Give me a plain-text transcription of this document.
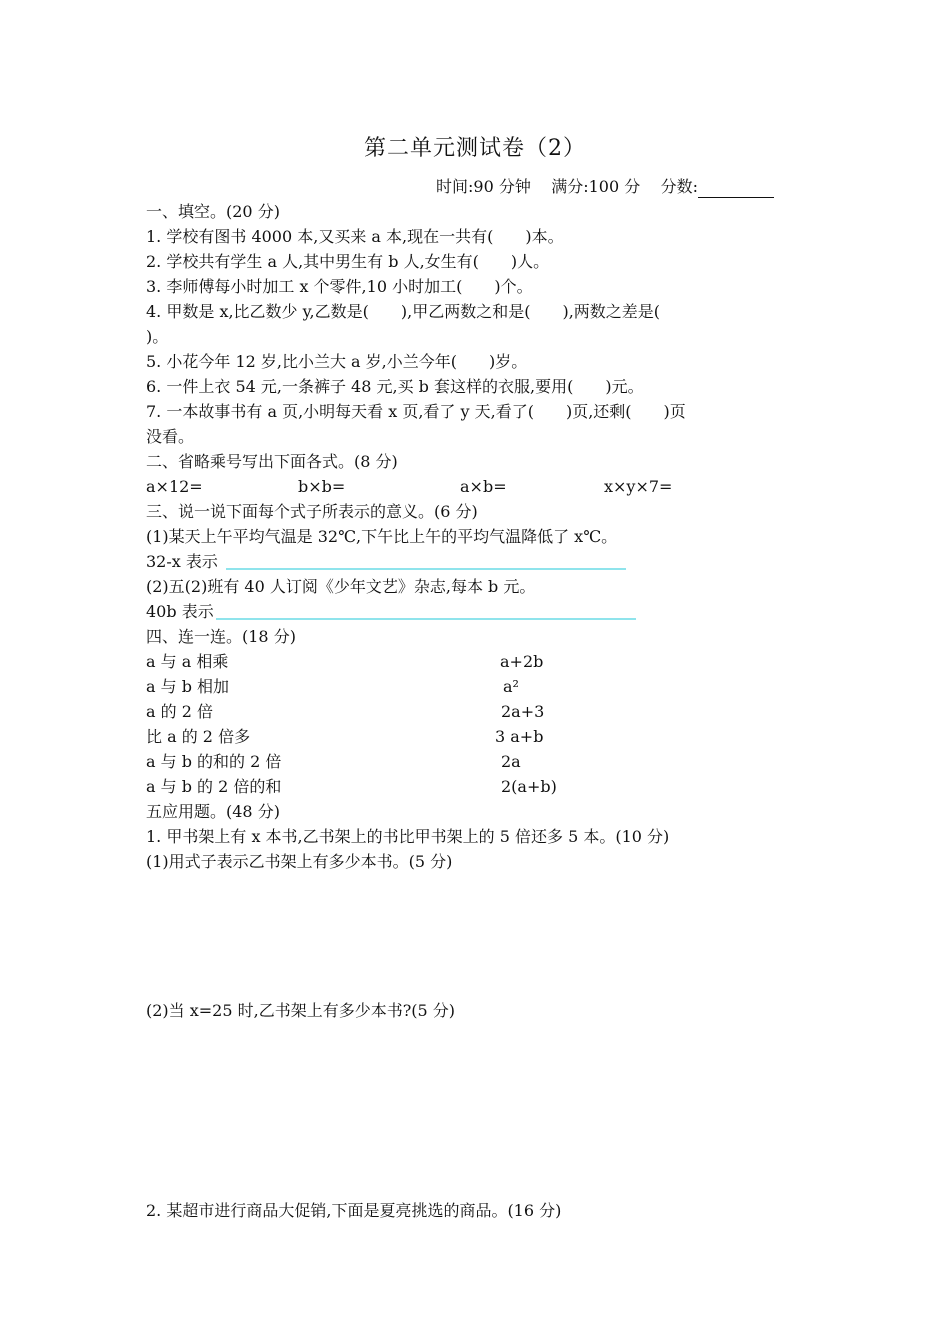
第二单元测试卷（2）
时间:90 分钟 满分:100 分 分数:
一、填空。(20 分)
1. 学校有图书 4000 本,又买来 a 本,现在一共有(　　)本。
2. 学校共有学生 a 人,其中男生有 b 人,女生有(　　)人。
3. 李师傅每小时加工 x 个零件,10 小时加工(　　)个。
4. 甲数是 x,比乙数少 y,乙数是(　　),甲乙两数之和是(　　),两数之差是(
)。
5. 小花今年 12 岁,比小兰大 a 岁,小兰今年(　　)岁。
6. 一件上衣 54 元,一条裤子 48 元,买 b 套这样的衣服,要用(　　)元。
7. 一本故事书有 a 页,小明每天看 x 页,看了 y 天,看了(　　)页,还剩(　　)页
没看。
二、省略乘号写出下面各式。(8 分)
a×12=	b×b=	a×b=	x×y×7=
三、说一说下面每个式子所表示的意义。(6 分)
(1)某天上午平均气温是 32℃,下午比上午的平均气温降低了 x℃。
32-x 表示
(2)五(2)班有 40 人订阅《少年文艺》杂志,每本 b 元。
40b 表示
四、连一连。(18 分)
a 与 a 相乘
a 与 b 相加
a 的 2 倍
比 a 的 2 倍多
a 与 b 的和的 2 倍
a 与 b 的 2 倍的和
a+2b
a²
2a+3
3 a+b
2a
2(a+b)
五应用题。(48 分)
1. 甲书架上有 x 本书,乙书架上的书比甲书架上的 5 倍还多 5 本。(10 分)
(1)用式子表示乙书架上有多少本书。(5 分)
(2)当 x=25 时,乙书架上有多少本书?(5 分)
2. 某超市进行商品大促销,下面是夏亮挑选的商品。(16 分)
